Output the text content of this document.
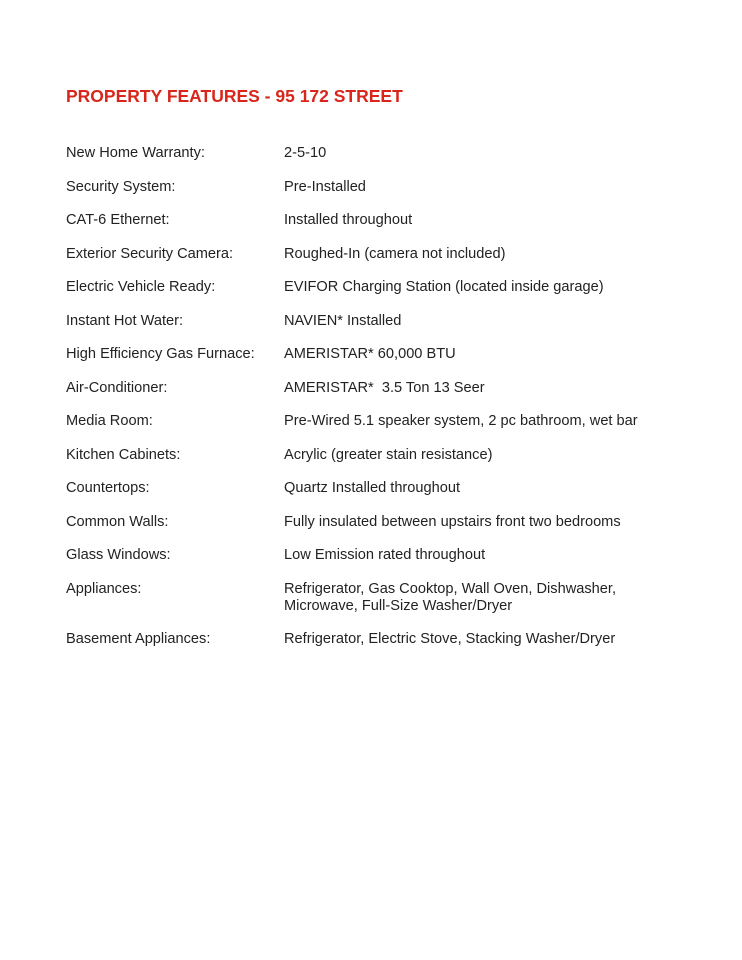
PROPERTY FEATURES - 95 172 STREET
New Home Warranty:	2-5-10
Security System:	Pre-Installed
CAT-6 Ethernet:	Installed throughout
Exterior Security Camera:	Roughed-In (camera not included)
Electric Vehicle Ready:	EVIFOR Charging Station (located inside garage)
Instant Hot Water:	NAVIEN* Installed
High Efficiency Gas Furnace:	AMERISTAR* 60,000 BTU
Air-Conditioner:	AMERISTAR*  3.5 Ton 13 Seer
Media Room:	Pre-Wired 5.1 speaker system, 2 pc bathroom, wet bar
Kitchen Cabinets:	Acrylic (greater stain resistance)
Countertops:	Quartz Installed throughout
Common Walls:	Fully insulated between upstairs front two bedrooms
Glass Windows:	Low Emission rated throughout
Appliances:	Refrigerator, Gas Cooktop, Wall Oven, Dishwasher,
Microwave, Full-Size Washer/Dryer
Basement Appliances:	Refrigerator, Electric Stove, Stacking Washer/Dryer
